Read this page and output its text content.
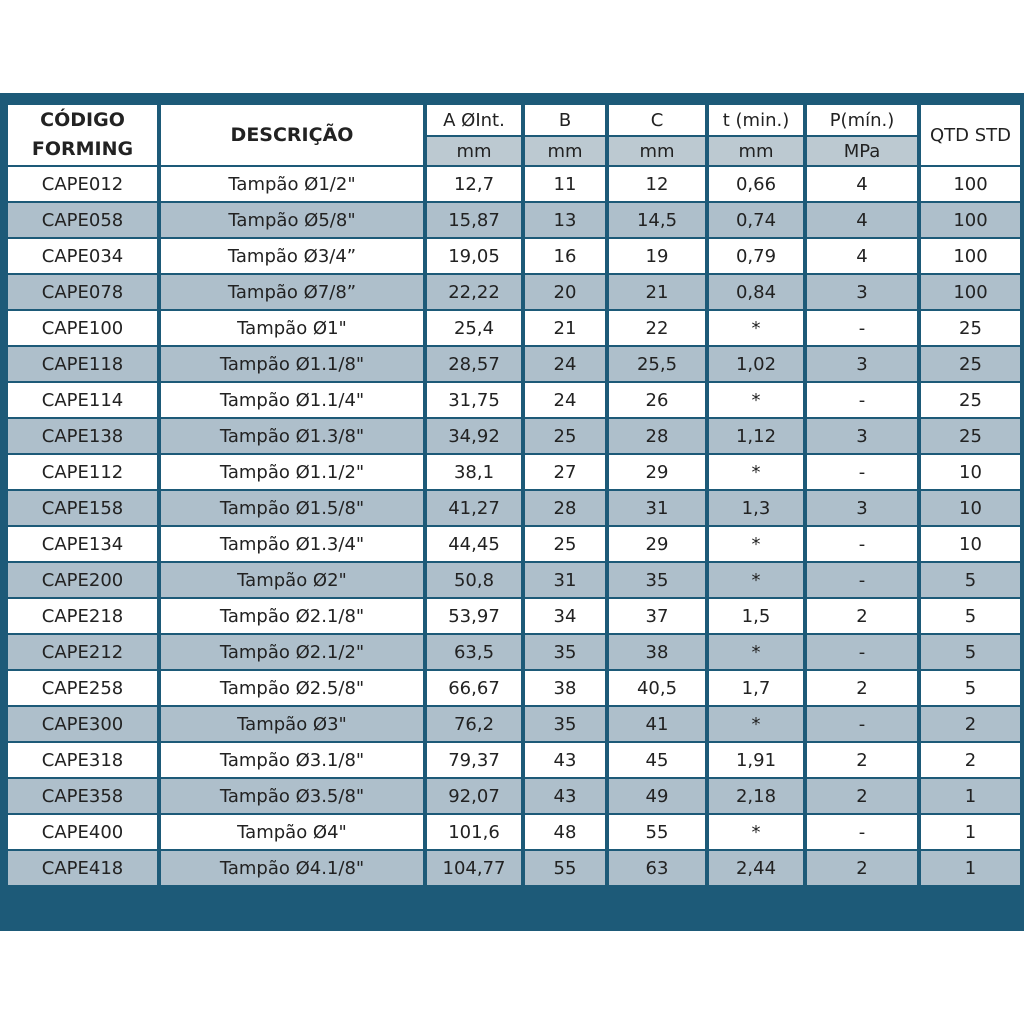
CÓDIGO
FORMING	DESCRIÇÃO	A ØInt.	B	C	t (min.)	P(mín.)	QTD STD
		mm	mm	mm	mm	MPa	
CAPE012	Tampão Ø1/2"	12,7	11	12	0,66	4	100
CAPE058	Tampão Ø5/8"	15,87	13	14,5	0,74	4	100
CAPE034	Tampão Ø3/4”	19,05	16	19	0,79	4	100
CAPE078	Tampão Ø7/8”	22,22	20	21	0,84	3	100
CAPE100	Tampão Ø1"	25,4	21	22	*	-	25
CAPE118	Tampão Ø1.1/8"	28,57	24	25,5	1,02	3	25
CAPE114	Tampão Ø1.1/4"	31,75	24	26	*	-	25
CAPE138	Tampão Ø1.3/8"	34,92	25	28	1,12	3	25
CAPE112	Tampão Ø1.1/2"	38,1	27	29	*	-	10
CAPE158	Tampão Ø1.5/8"	41,27	28	31	1,3	3	10
CAPE134	Tampão Ø1.3/4"	44,45	25	29	*	-	10
CAPE200	Tampão Ø2"	50,8	31	35	*	-	5
CAPE218	Tampão Ø2.1/8"	53,97	34	37	1,5	2	5
CAPE212	Tampão Ø2.1/2"	63,5	35	38	*	-	5
CAPE258	Tampão Ø2.5/8"	66,67	38	40,5	1,7	2	5
CAPE300	Tampão Ø3"	76,2	35	41	*	-	2
CAPE318	Tampão Ø3.1/8"	79,37	43	45	1,91	2	2
CAPE358	Tampão Ø3.5/8"	92,07	43	49	2,18	2	1
CAPE400	Tampão Ø4"	101,6	48	55	*	-	1
CAPE418	Tampão Ø4.1/8"	104,77	55	63	2,44	2	1
